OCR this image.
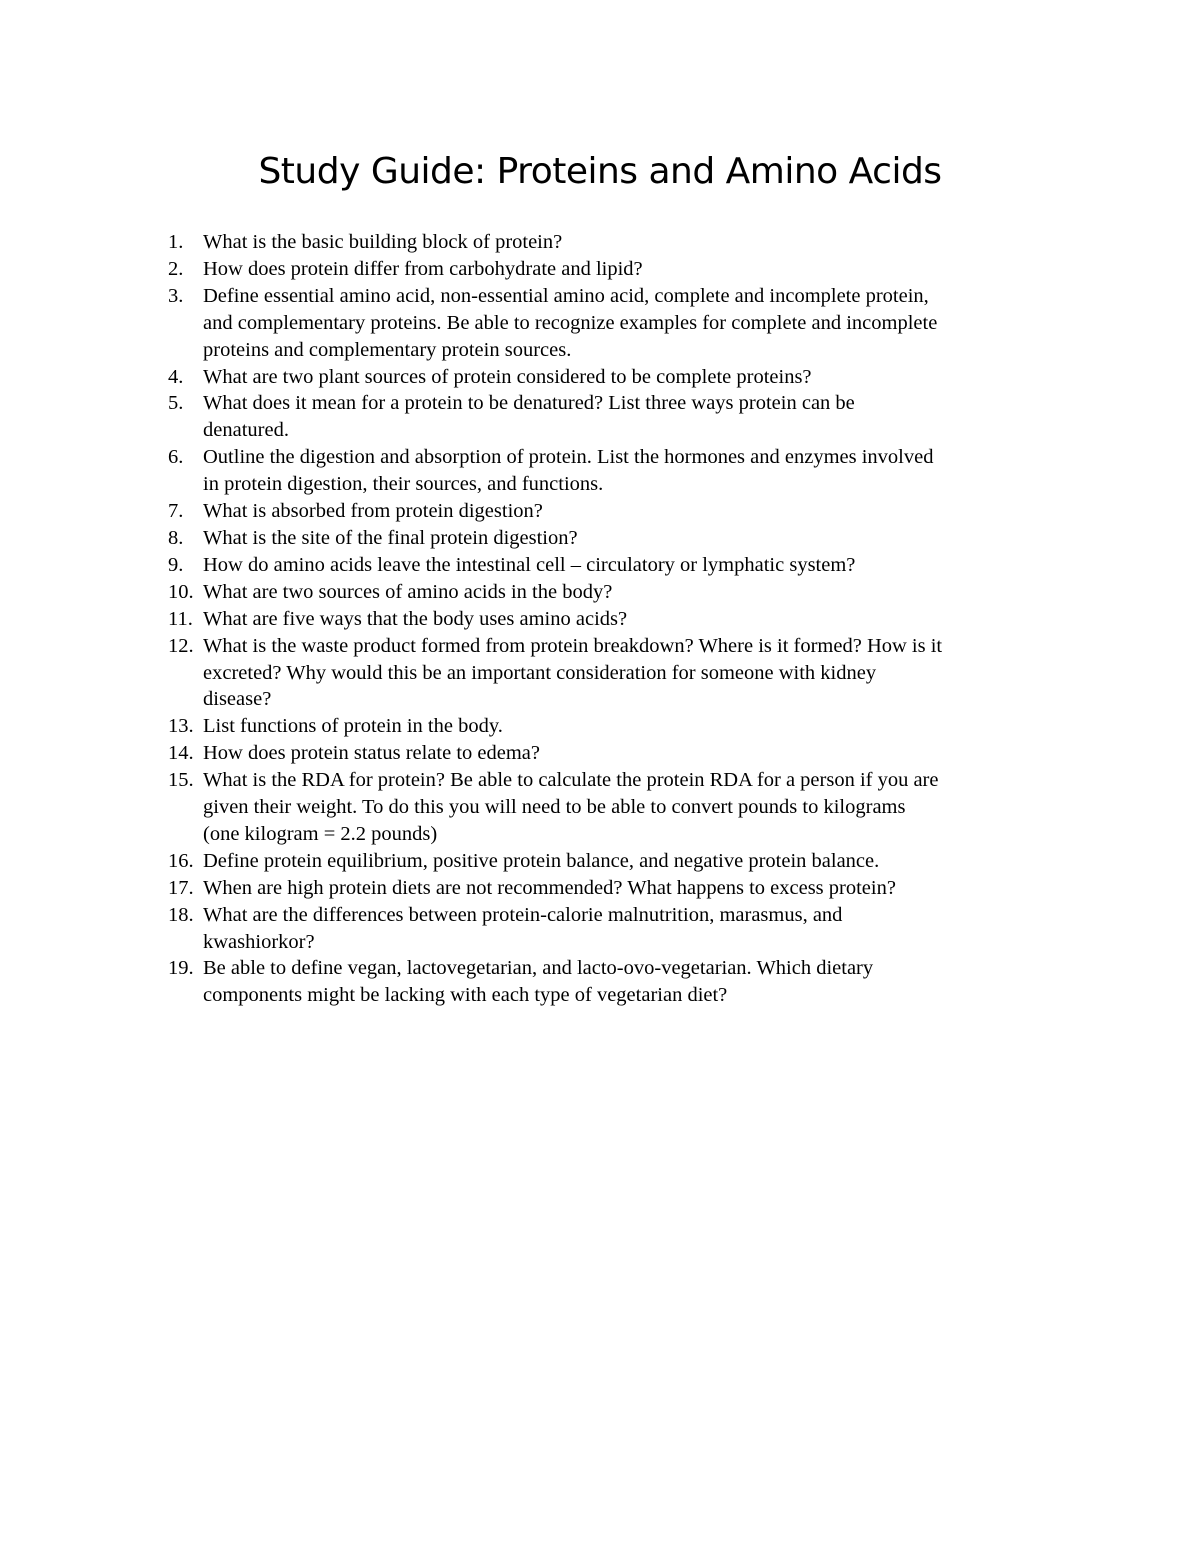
Study Guide: Proteins and Amino Acids
1. What is the basic building block of protein?
2. How does protein differ from carbohydrate and lipid?
3. Define essential amino acid, non-essential amino acid, complete and incomplete protein,
and complementary proteins. Be able to recognize examples for complete and incomplete
proteins and complementary protein sources.
4. What are two plant sources of protein considered to be complete proteins?
5. What does it mean for a protein to be denatured? List three ways protein can be
denatured.
6. Outline the digestion and absorption of protein. List the hormones and enzymes involved
in protein digestion, their sources, and functions.
7. What is absorbed from protein digestion?
8. What is the site of the final protein digestion?
9. How do amino acids leave the intestinal cell – circulatory or lymphatic system?
10. What are two sources of amino acids in the body?
11. What are five ways that the body uses amino acids?
12. What is the waste product formed from protein breakdown? Where is it formed? How is it
excreted? Why would this be an important consideration for someone with kidney
disease?
13. List functions of protein in the body.
14. How does protein status relate to edema?
15. What is the RDA for protein? Be able to calculate the protein RDA for a person if you are
given their weight. To do this you will need to be able to convert pounds to kilograms
(one kilogram = 2.2 pounds)
16. Define protein equilibrium, positive protein balance, and negative protein balance.
17. When are high protein diets are not recommended? What happens to excess protein?
18. What are the differences between protein-calorie malnutrition, marasmus, and
kwashiorkor?
19. Be able to define vegan, lactovegetarian, and lacto-ovo-vegetarian. Which dietary
components might be lacking with each type of vegetarian diet?
